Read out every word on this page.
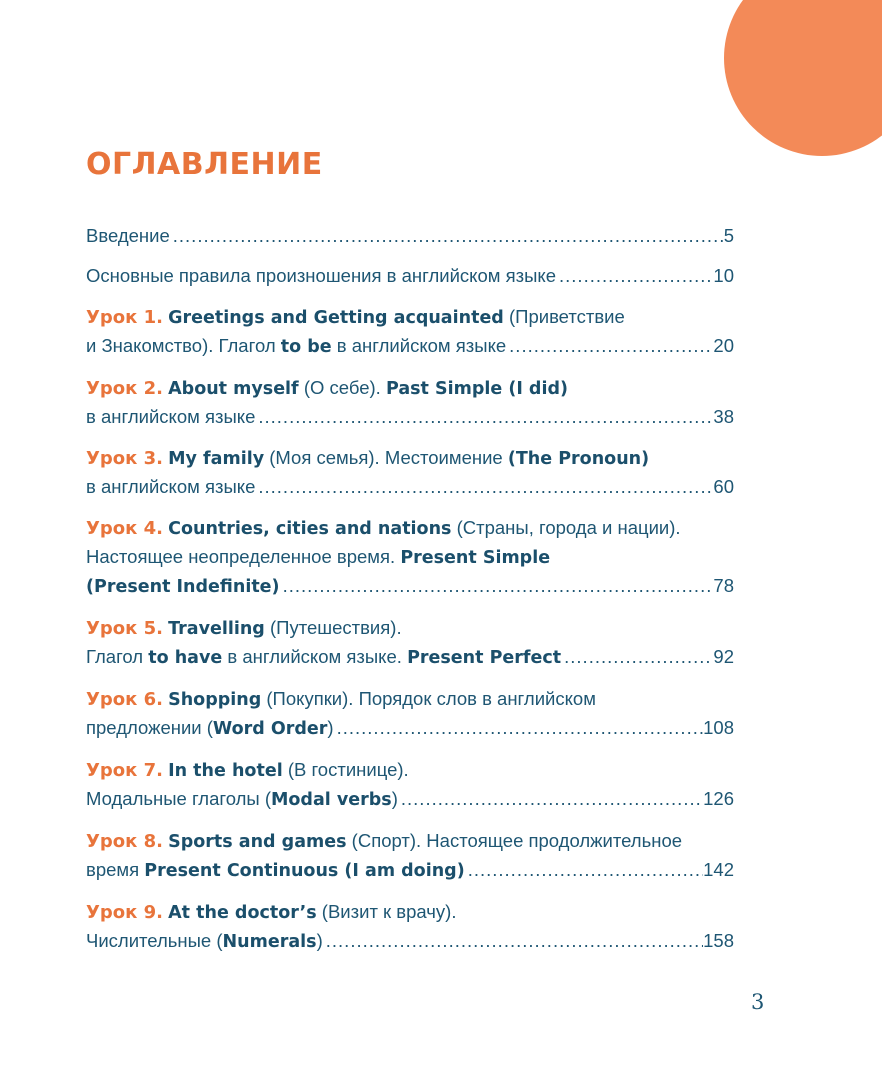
ОГЛАВЛЕНИЕ
Введение .....	5
Основные правила произношения в английском языке .....	10
Урок 1. Greetings and Getting acquainted (Приветствие
и Знакомство). Глагол to be в английском языке .....	20
Урок 2. About myself (О себе). Past Simple (I did)
в английском языке .....	38
Урок 3. My family (Моя семья). Местоимение (The Pronoun)
в английском языке .....	60
Урок 4. Countries, cities and nations (Страны, города и нации).
Настоящее неопределенное время. Present Simple
(Present Indefinite) .....	78
Урок 5. Travelling (Путешествия).
Глагол to have в английском языке. Present Perfect .....	92
Урок 6. Shopping (Покупки). Порядок слов в английском
предложении (Word Order) .....	108
Урок 7. In the hotel (В гостинице).
Модальные глаголы (Modal verbs) .....	126
Урок 8. Sports and games (Спорт). Настоящее продолжительное
время Present Continuous (I am doing) .....	142
Урок 9. At the doctor’s (Визит к врачу).
Числительные (Numerals) .....	158
3
